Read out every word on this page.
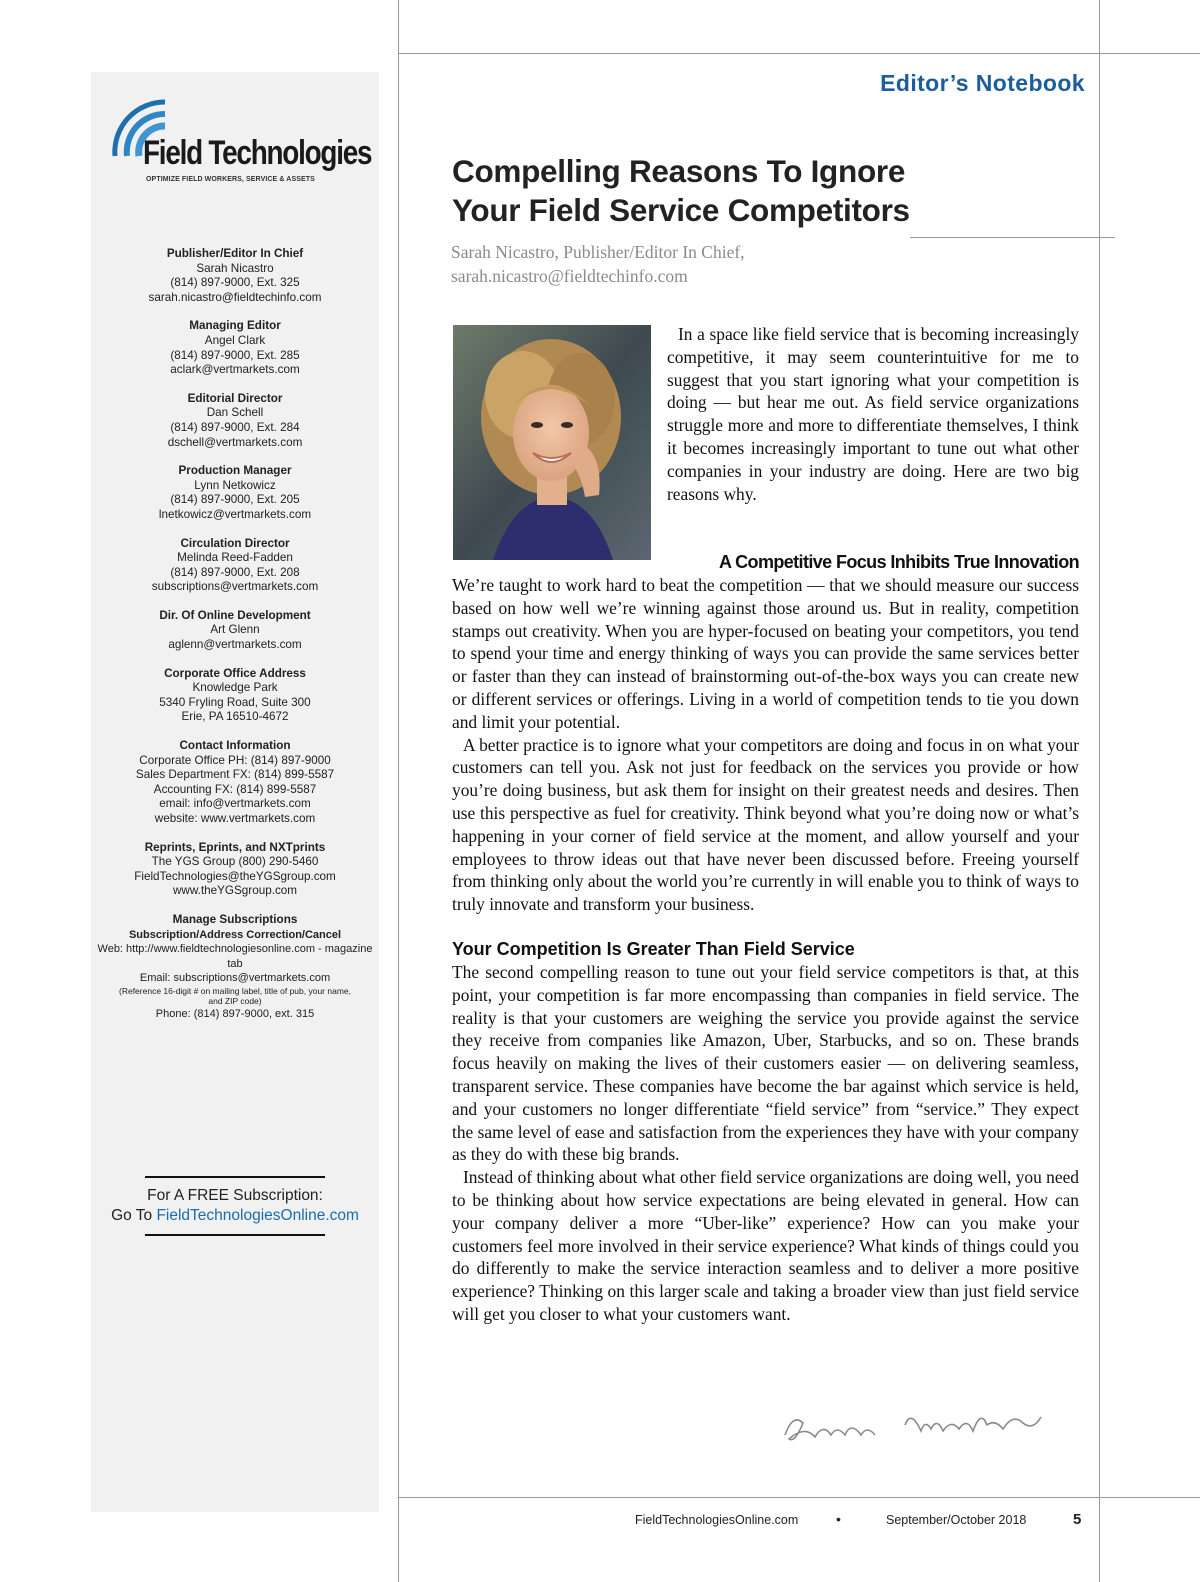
Field Technologies
OPTIMIZE FIELD WORKERS, SERVICE & ASSETS
Publisher/Editor In Chief
Sarah Nicastro
(814) 897-9000, Ext. 325
sarah.nicastro@fieldtechinfo.com
Managing Editor
Angel Clark
(814) 897-9000, Ext. 285
aclark@vertmarkets.com
Editorial Director
Dan Schell
(814) 897-9000, Ext. 284
dschell@vertmarkets.com
Production Manager
Lynn Netkowicz
(814) 897-9000, Ext. 205
lnetkowicz@vertmarkets.com
Circulation Director
Melinda Reed-Fadden
(814) 897-9000, Ext. 208
subscriptions@vertmarkets.com
Dir. Of Online Development
Art Glenn
aglenn@vertmarkets.com
Corporate Office Address
Knowledge Park
5340 Fryling Road, Suite 300
Erie, PA 16510-4672
Contact Information
Corporate Office PH: (814) 897-9000
Sales Department FX: (814) 899-5587
Accounting FX: (814) 899-5587
email: info@vertmarkets.com
website: www.vertmarkets.com
Reprints, Eprints, and NXTprints
The YGS Group (800) 290-5460
FieldTechnologies@theYGSgroup.com
www.theYGSgroup.com
Manage Subscriptions
Subscription/Address Correction/Cancel
Web: http://www.fieldtechnologiesonline.com - magazine tab
Email: subscriptions@vertmarkets.com
(Reference 16-digit # on mailing label, title of pub, your name, and ZIP code)
Phone: (814) 897-9000, ext. 315
For A FREE Subscription:
Go To FieldTechnologiesOnline.com
Editor’s Notebook
Compelling Reasons To Ignore
Your Field Service Competitors
Sarah Nicastro, Publisher/Editor In Chief,
sarah.nicastro@fieldtechinfo.com

In a space like field service that is becoming increasingly competitive, it may seem counterintuitive for me to suggest that you start ignoring what your competition is doing — but hear me out. As field service organizations struggle more and more to differentiate themselves, I think it becomes increasingly important to tune out what other companies in your industry are doing. Here are two big reasons why.

A Competitive Focus Inhibits True Innovation

We’re taught to work hard to beat the competition — that we should measure our success based on how well we’re winning against those around us. But in reality, competition stamps out creativity. When you are hyper-focused on beating your competitors, you tend to spend your time and energy thinking of ways you can provide the same services better or faster than they can instead of brainstorming out-of-the-box ways you can create new or different services or offerings. Living in a world of competition tends to tie you down and limit your potential.

A better practice is to ignore what your competitors are doing and focus in on what your customers can tell you. Ask not just for feedback on the services you provide or how you’re doing business, but ask them for insight on their greatest needs and desires. Then use this perspective as fuel for creativity. Think beyond what you’re doing now or what’s happening in your corner of field service at the moment, and allow yourself and your employees to throw ideas out that have never been discussed before. Freeing yourself from thinking only about the world you’re currently in will enable you to think of ways to truly innovate and transform your business.

Your Competition Is Greater Than Field Service

The second compelling reason to tune out your field service competitors is that, at this point, your competition is far more encompassing than companies in field service. The reality is that your customers are weighing the service you provide against the service they receive from companies like Amazon, Uber, Starbucks, and so on. These brands focus heavily on making the lives of their customers easier — on delivering seamless, transparent service. These companies have become the bar against which service is held, and your customers no longer differentiate “field service” from “service.” They expect the same level of ease and satisfaction from the experiences they have with your company as they do with these big brands.

Instead of thinking about what other field service organizations are doing well, you need to be thinking about how service expectations are being elevated in general. How can your company deliver a more “Uber-like” experience? How can you make your customers feel more involved in their service experience? What kinds of things could you do differently to make the service interaction seamless and to deliver a more positive experience? Thinking on this larger scale and taking a broader view than just field service will get you closer to what your customers want.

FieldTechnologiesOnline.com	•	September/October 2018	5
